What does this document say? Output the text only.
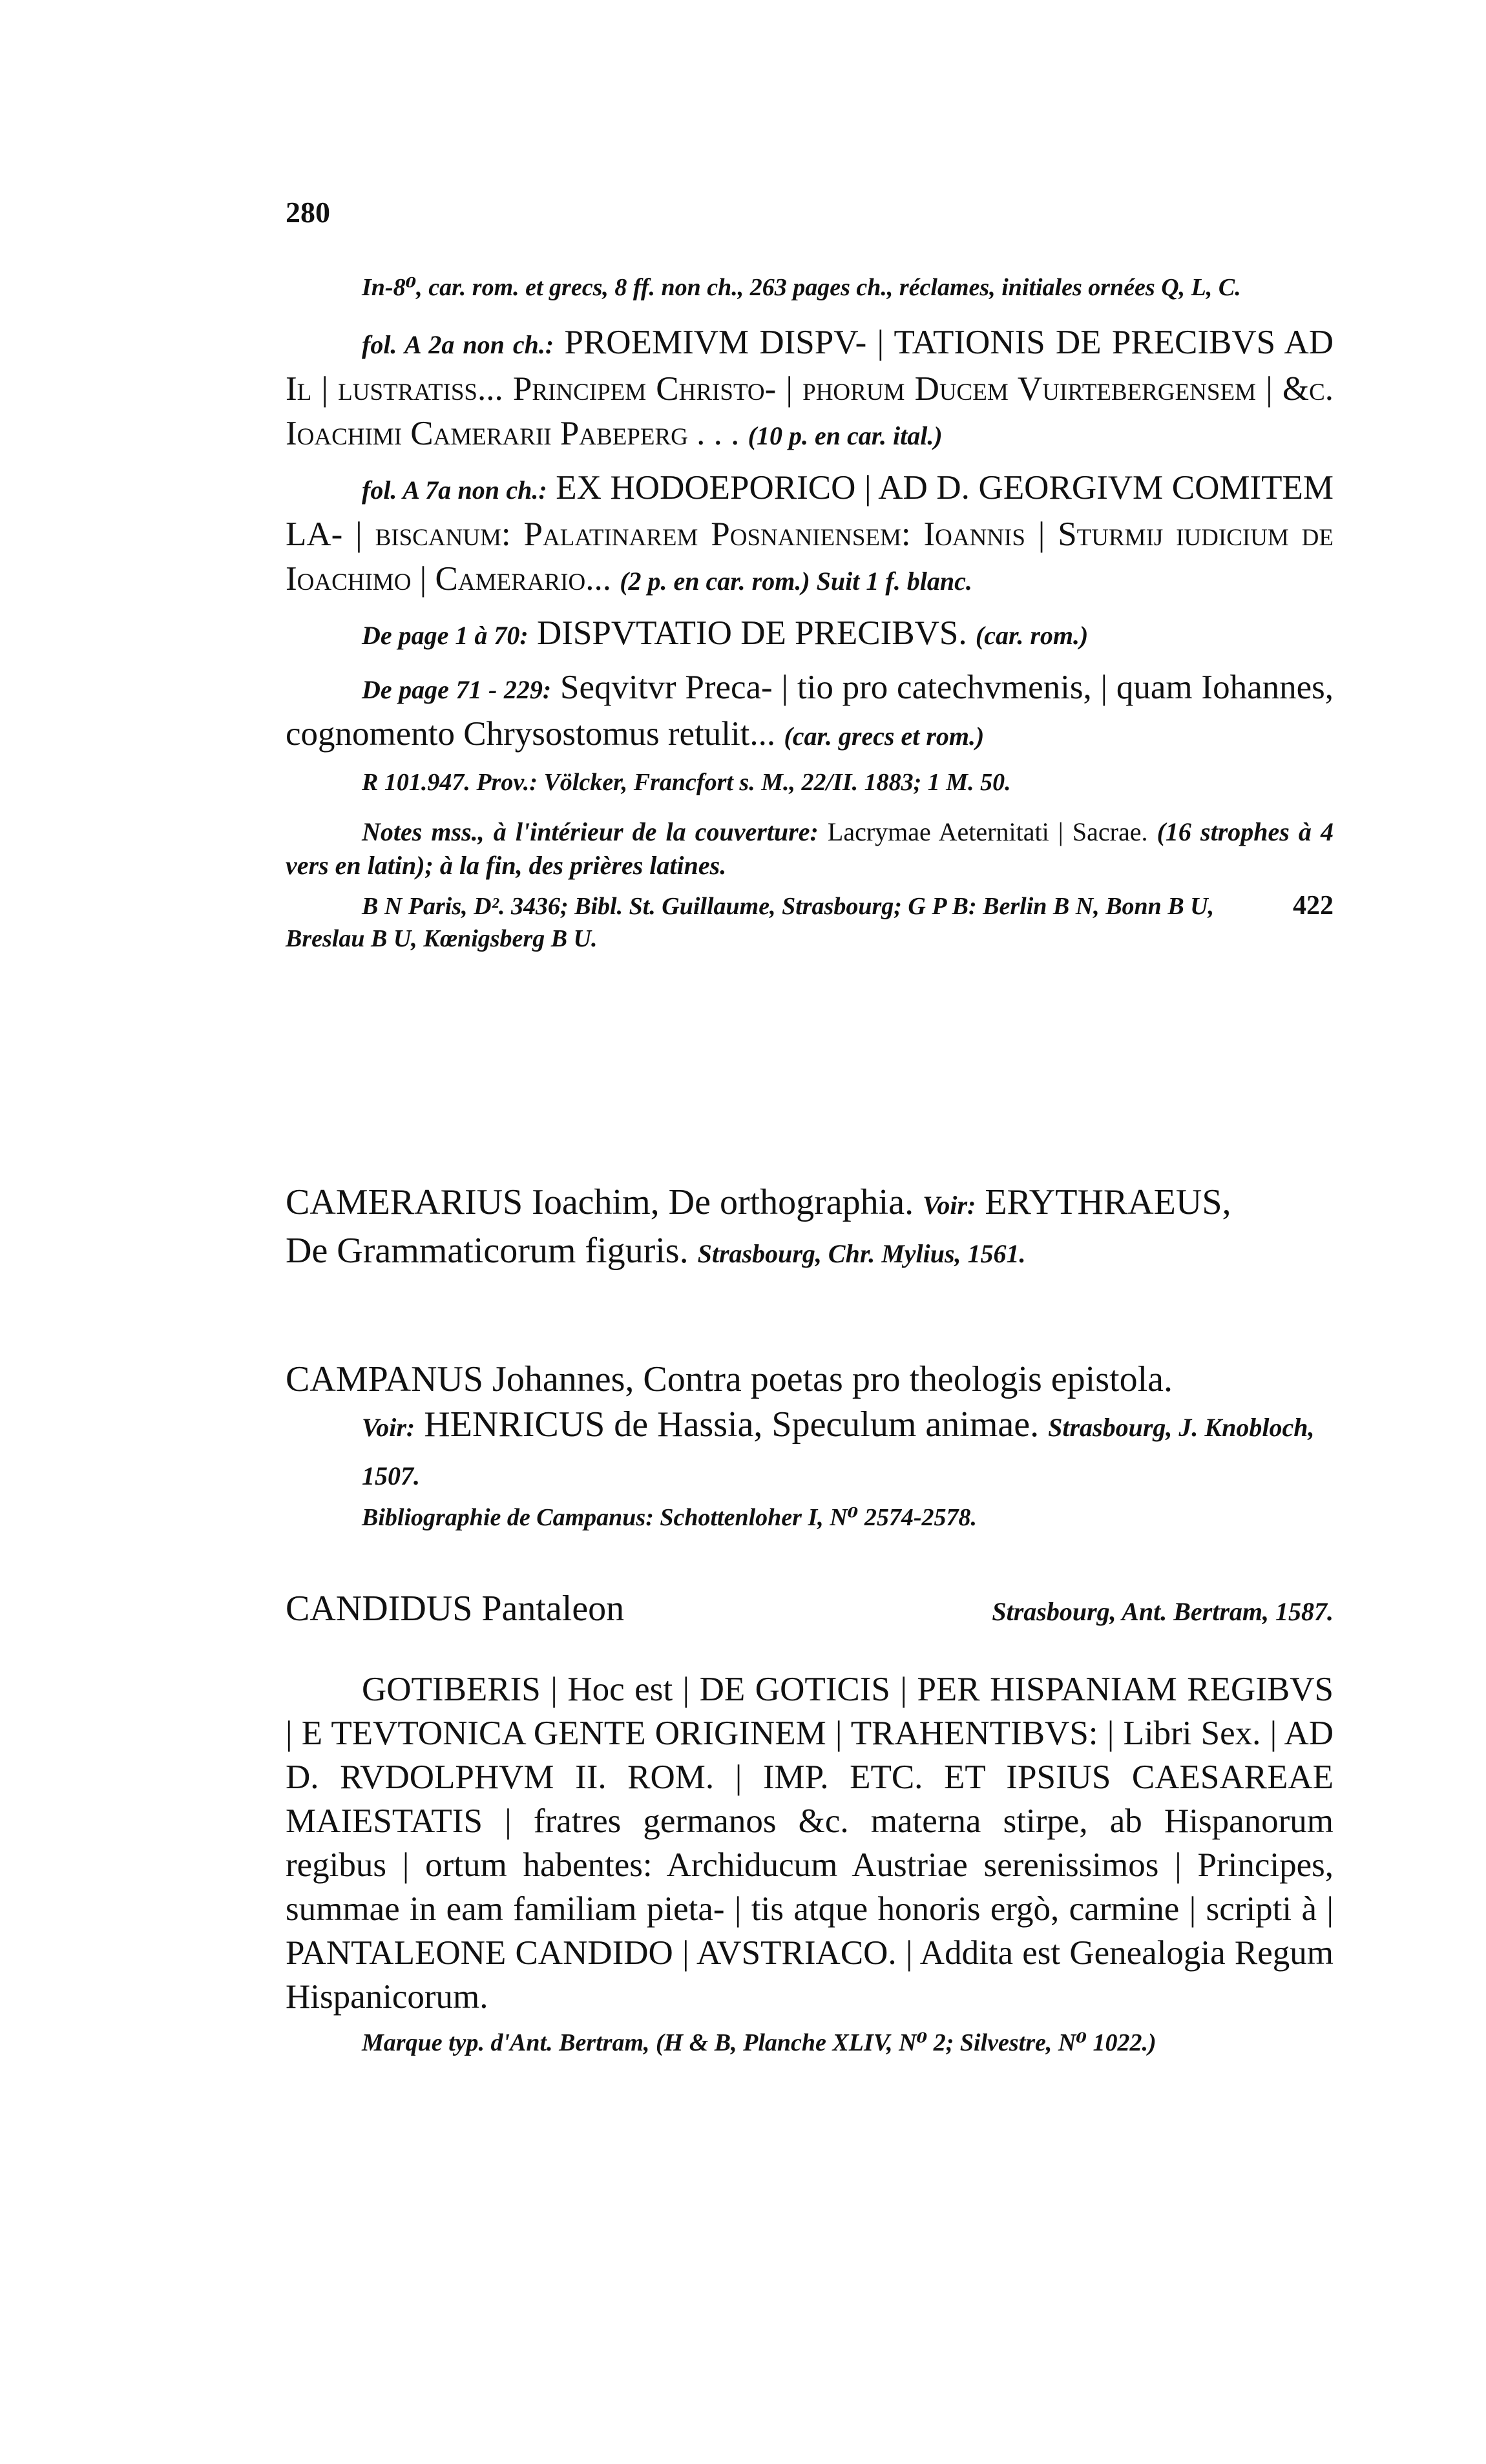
280

In-8⁰, car. rom. et grecs, 8 ff. non ch., 263 pages ch., réclames, initiales ornées Q, L, C.

fol. A 2a non ch.: PROEMIVM DISPV- | TATIONIS DE PRECIBVS AD Il | lustratiss... Principem Christo- | phorum Ducem Vuirtebergensem | &c. Ioachimi Camerarii Pabeperg . . . (10 p. en car. ital.)

fol. A 7a non ch.: EX HODOEPORICO | AD D. GEORGIVM COMITEM LA- | biscanum: Palatinarem Posnaniensem: Ioannis | Sturmij iudicium de Ioachimo | Camerario... (2 p. en car. rom.) Suit 1 f. blanc.

De page 1 à 70: DISPVTATIO DE PRECIBVS. (car. rom.)

De page 71 - 229: Seqvitvr Preca- | tio pro catechvmenis, | quam Iohannes, cognomento Chrysostomus retulit... (car. grecs et rom.)

R 101.947. Prov.: Völcker, Francfort s. M., 22/II. 1883; 1 M. 50.

Notes mss., à l'intérieur de la couverture: Lacrymae Aeternitati | Sacrae. (16 strophes à 4 vers en latin); à la fin, des prières latines.

B N Paris, D². 3436; Bibl. St. Guillaume, Strasbourg; G P B: Berlin B N, Bonn B U, Breslau B U, Kœnigsberg B U.

422

CAMERARIUS Ioachim, De orthographia. Voir: ERYTHRAEUS,

De Grammaticorum figuris. Strasbourg, Chr. Mylius, 1561.

CAMPANUS Johannes, Contra poetas pro theologis epistola.

Voir: HENRICUS de Hassia, Speculum animae. Strasbourg, J. Knobloch, 1507.

Bibliographie de Campanus: Schottenloher I, N⁰ 2574-2578.

CANDIDUS Pantaleon	Strasbourg, Ant. Bertram, 1587.

GOTIBERIS | Hoc est | DE GOTICIS | PER HISPANIAM REGIBVS | E TEVTONICA GENTE ORIGINEM | TRAHENTIBVS: | Libri Sex. | AD D. RVDOLPHVM II. ROM. | IMP. ETC. ET IPSIUS CAESAREAE MAIESTATIS | fratres germanos &c. materna stirpe, ab Hispanorum regibus | ortum habentes: Archiducum Austriae serenissimos | Principes, summae in eam familiam pieta- | tis atque honoris ergò, carmine | scripti à | PANTALEONE CANDIDO | AVSTRIACO. | Addita est Genealogia Regum Hispanicorum.

Marque typ. d'Ant. Bertram, (H & B, Planche XLIV, N⁰ 2; Silvestre, N⁰ 1022.)
